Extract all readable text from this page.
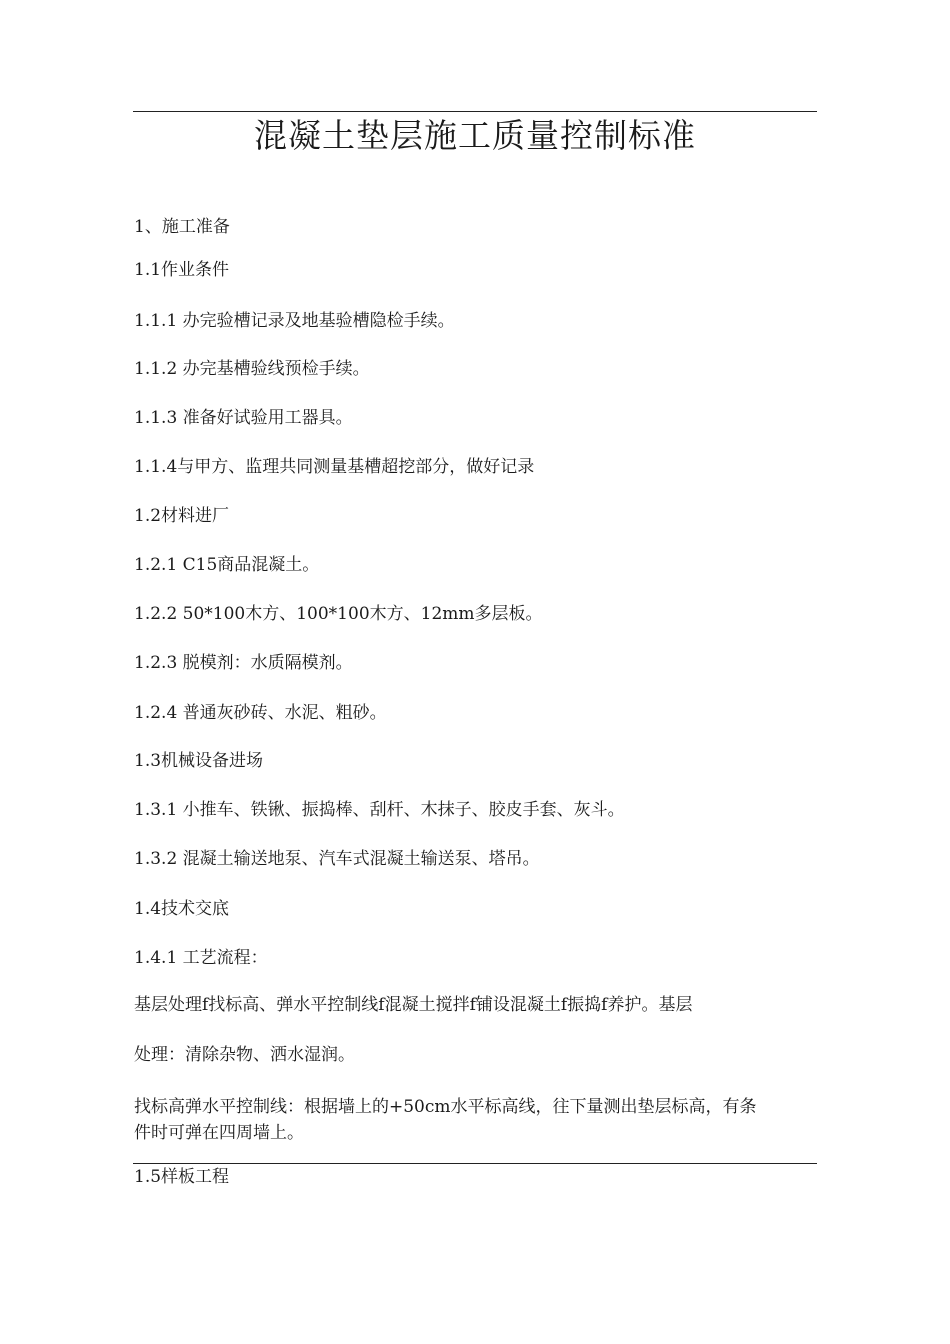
混凝土垫层施工质量控制标准
1、施工准备
1.1作业条件
1.1.1 办完验槽记录及地基验槽隐检手续。
1.1.2 办完基槽验线预检手续。
1.1.3 准备好试验用工器具。
1.1.4与甲方、监理共同测量基槽超挖部分，做好记录
1.2材料进厂
1.2.1 C15商品混凝土。
1.2.2 50*100木方、100*100木方、12mm多层板。
1.2.3 脱模剂：水质隔模剂。
1.2.4 普通灰砂砖、水泥、粗砂。
1.3机械设备进场
1.3.1 小推车、铁锹、振捣棒、刮杆、木抹子、胶皮手套、灰斗。
1.3.2 混凝土输送地泵、汽车式混凝土输送泵、塔吊。
1.4技术交底
1.4.1 工艺流程：
基层处理f找标高、弹水平控制线f混凝土搅拌f铺设混凝土f振捣f养护。基层
处理：清除杂物、洒水湿润。
找标高弹水平控制线：根据墙上的+50cm水平标高线，往下量测出垫层标高，有条
件时可弹在四周墙上。
1.5样板工程
